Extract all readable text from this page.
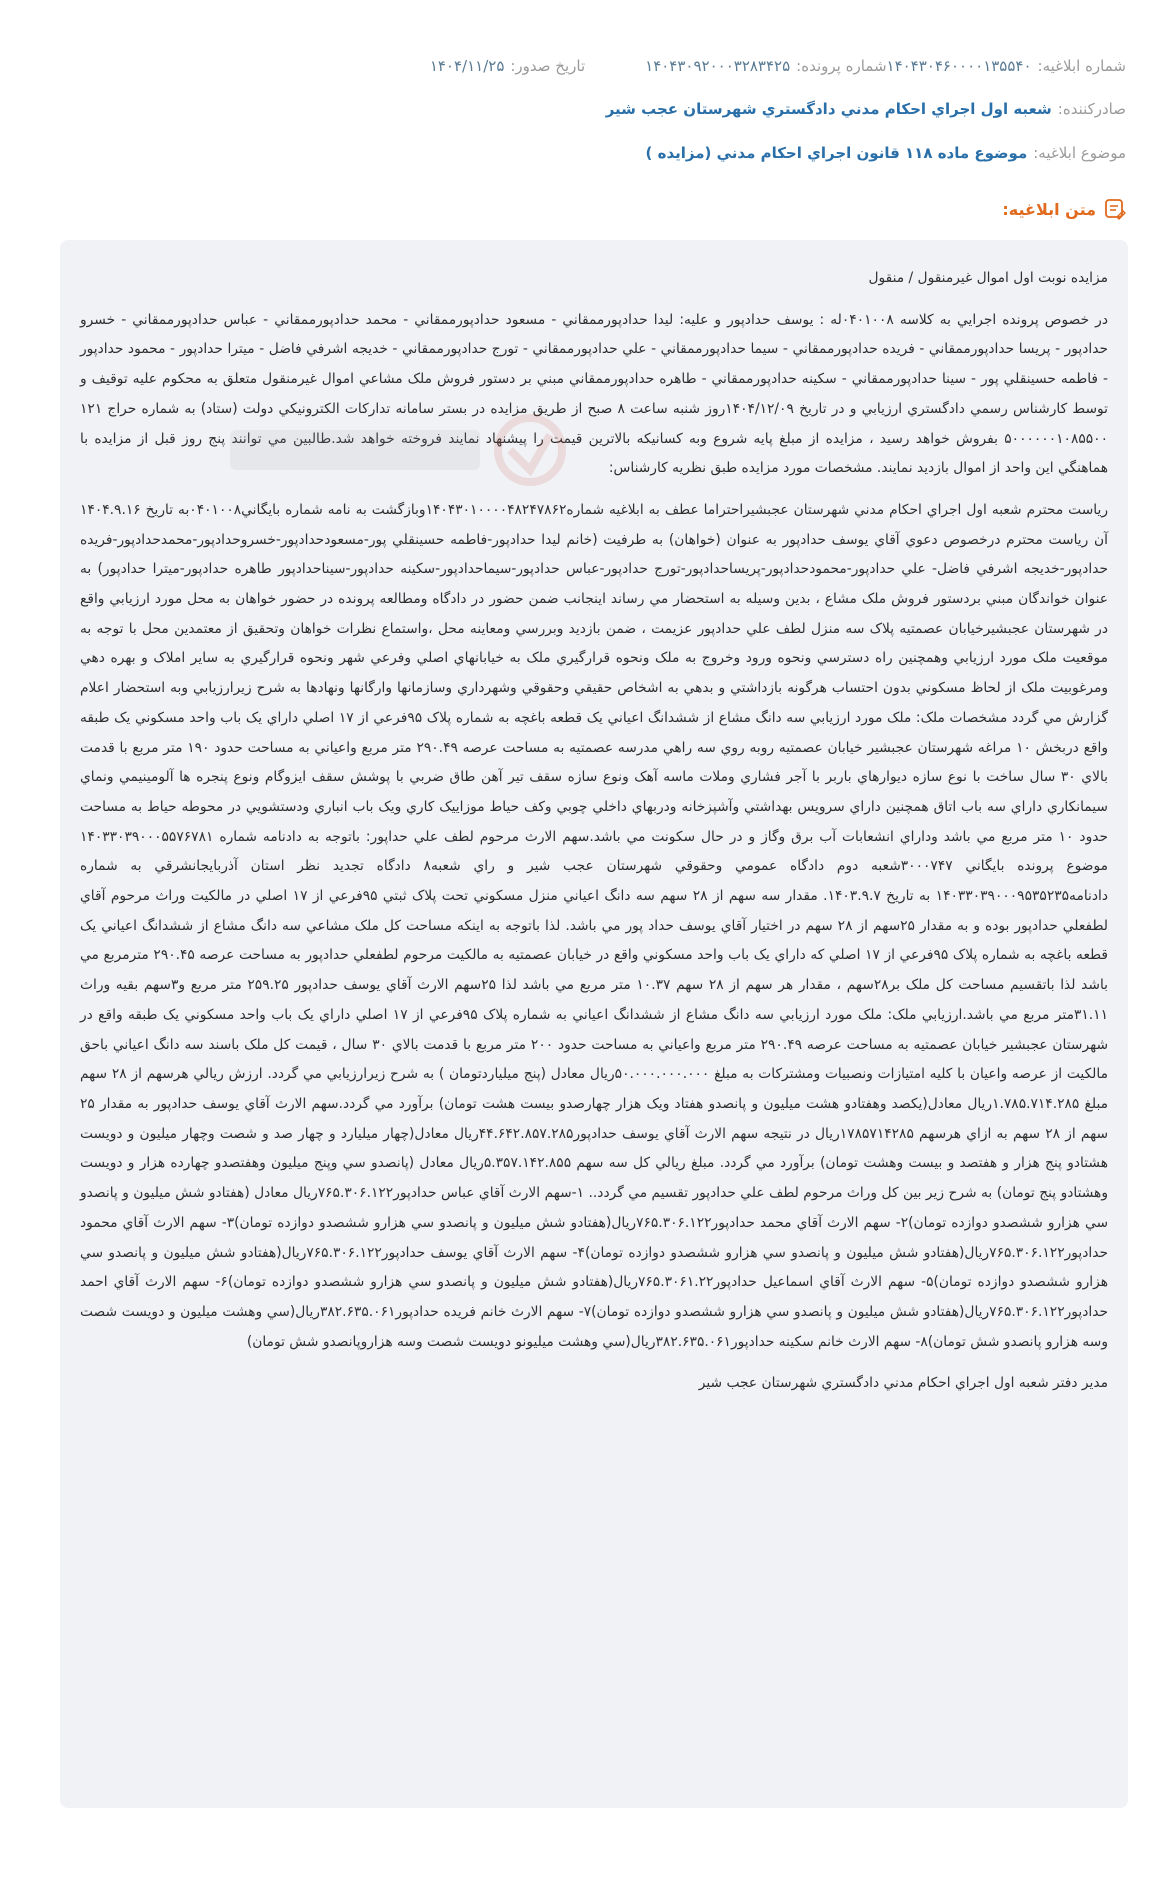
شماره ابلاغيه:
۱۴۰۴۳۰۴۶۰۰۰۰۱۳۵۵۴۰
شماره پرونده:
۱۴۰۴۳۰۹۲۰۰۰۳۲۸۳۴۲۵
تاريخ صدور:
۱۴۰۴/۱۱/۲۵
صادرکننده:
شعبه اول اجراي احکام مدني دادگستري شهرستان عجب شير
موضوع ابلاغيه:
موضوع ماده ۱۱۸ قانون اجراي احکام مدني (مزايده )
متن ابلاغيه:

مزايده نوبت اول اموال غيرمنقول / منقول

در خصوص پرونده اجرايي به کلاسه ۰۴۰۱۰۰۸له : يوسف حدادپور و عليه: ليدا حدادپورممقاني - مسعود حدادپورممقاني - محمد حدادپورممقاني - عباس حدادپورممقاني - خسرو حدادپور - پريسا حدادپورممقاني - فريده حدادپورممقاني - سيما حدادپورممقاني - علي حدادپورممقاني - تورج حدادپورممقاني - خديجه اشرفي فاضل - ميترا حدادپور - محمود حدادپور - فاطمه حسينقلي پور - سينا حدادپورممقاني - سکينه حدادپورممقاني - طاهره حدادپورممقاني مبني بر دستور فروش ملک مشاعي اموال غيرمنقول متعلق به محکوم عليه توقيف و توسط کارشناس رسمي دادگستري ارزيابي و در تاريخ ۱۴۰۴/۱۲/۰۹روز شنبه ساعت ۸ صبح از طريق مزايده در بستر سامانه تدارکات الکترونيکي دولت (ستاد) به شماره حراج ۱۲۱ ۵۰۰۰۰۰۰۱۰۸۵۵۰۰ بفروش خواهد رسيد ، مزايده از مبلغ پايه شروع وبه کسانيکه بالاترين قيمت را پيشنهاد نمايند فروخته خواهد شد.طالبين مي توانند پنج روز قبل از مزايده با هماهنگي اين واحد از اموال بازديد نمايند. مشخصات مورد مزايده طبق نظريه کارشناس:

رياست محترم شعبه اول اجراي احکام مدني شهرستان عجبشيراحتراما عطف به ابلاغيه شماره۱۴۰۴۳۰۱۰۰۰۰۴۸۲۴۷۸۶۲وبازگشت به نامه شماره بايگاني۰۴۰۱۰۰۸به تاريخ ۱۴۰۴.۹.۱۶ آن رياست محترم درخصوص دعوي آقاي يوسف حدادپور به عنوان (خواهان) به طرفيت (خانم ليدا حدادپور-فاطمه حسينقلي پور-مسعودحدادپور-خسروحدادپور-محمدحدادپور-فريده حدادپور-خديجه اشرفي فاضل- علي حدادپور-محمودحدادپور-پريساحدادپور-تورج حدادپور-عباس حدادپور-سيماحدادپور-سکينه حدادپور-سيناحدادپور طاهره حدادپور-ميترا حدادپور) به عنوان خواندگان مبني بردستور فروش ملک مشاع ، بدين وسيله به استحضار مي رساند اينجانب ضمن حضور در دادگاه ومطالعه پرونده در حضور خواهان به محل مورد ارزيابي واقع در شهرستان عجبشيرخيابان عصمتيه پلاک سه منزل لطف علي حدادپور عزيمت ، ضمن بازديد وبررسي ومعاينه محل ،واستماع نظرات خواهان وتحقيق از معتمدين محل با توجه به موقعيت ملک مورد ارزيابي وهمچنين راه دسترسي ونحوه ورود وخروج به ملک ونحوه قرارگيري ملک به خيابانهاي اصلي وفرعي شهر ونحوه قرارگيري به ساير املاک و بهره دهي ومرغوبيت ملک از لحاظ مسکوني بدون احتساب هرگونه بازداشتي و بدهي به اشخاص حقيقي وحقوقي وشهرداري وسازمانها وارگانها ونهادها به شرح زيرارزيابي وبه استحضار اعلام گزارش مي گردد مشخصات ملک: ملک مورد ارزيابي سه دانگ مشاع از ششدانگ اعياني يک قطعه باغچه به شماره پلاک ۹۵فرعي از ۱۷ اصلي داراي يک باب واحد مسکوني يک طبقه واقع دربخش ۱۰ مراغه شهرستان عجبشير خيابان عصمتيه روبه روي سه راهي مدرسه عصمتيه به مساحت عرصه ۲۹۰.۴۹ متر مربع واعياني به مساحت حدود ۱۹۰ متر مربع با قدمت بالاي ۳۰ سال ساخت با نوع سازه ديوارهاي باربر با آجر فشاري وملات ماسه آهک ونوع سازه سقف تير آهن طاق ضربي با پوشش سقف ايزوگام ونوع پنجره ها آلومينيمي ونماي سيمانکاري داراي سه باب اتاق همچنين داراي سرويس بهداشتي وآشپزخانه ودربهاي داخلي چوبي وکف حياط موزاييک کاري ويک باب انباري ودستشويي در محوطه حياط به مساحت حدود ۱۰ متر مربع مي باشد وداراي انشعابات آب برق وگاز و در حال سکونت مي باشد.سهم الارث مرحوم لطف علي حداپور: باتوجه به دادنامه شماره ۱۴۰۳۳۰۳۹۰۰۰۵۵۷۶۷۸۱ موضوع پرونده بايگاني ۳۰۰۰۷۴۷شعبه دوم دادگاه عمومي وحقوقي شهرستان عجب شير و راي شعبه۸ دادگاه تجديد نظر استان آذربايجانشرقي به شماره دادنامه۱۴۰۳۳۰۳۹۰۰۰۹۵۳۵۲۳۵ به تاريخ ۱۴۰۳.۹.۷. مقدار سه سهم از ۲۸ سهم سه دانگ اعياني منزل مسکوني تحت پلاک ثبتي ۹۵فرعي از ۱۷ اصلي در مالکيت وراث مرحوم آقاي لطفعلي حدادپور بوده و به مقدار ۲۵سهم از ۲۸ سهم در اختيار آقاي يوسف حداد پور مي باشد. لذا باتوجه به اينکه مساحت کل ملک مشاعي سه دانگ مشاع از ششدانگ اعياني يک قطعه باغچه به شماره پلاک ۹۵فرعي از ۱۷ اصلي که داراي يک باب واحد مسکوني واقع در خيابان عصمتيه به مالکيت مرحوم لطفعلي حدادپور به مساحت عرصه ۲۹۰.۴۵ مترمربع مي باشد لذا باتقسيم مساحت کل ملک بر۲۸سهم ، مقدار هر سهم از ۲۸ سهم ۱۰.۳۷ متر مربع مي باشد لذا ۲۵سهم الارث آقاي يوسف حدادپور ۲۵۹.۲۵ متر مربع و۳سهم بقيه وراث ۳۱.۱۱متر مربع مي باشد.ارزيابي ملک: ملک مورد ارزيابي سه دانگ مشاع از ششدانگ اعياني به شماره پلاک ۹۵فرعي از ۱۷ اصلي داراي يک باب واحد مسکوني يک طبقه واقع در شهرستان عجبشير خيابان عصمتيه به مساحت عرصه ۲۹۰.۴۹ متر مربع واعياني به مساحت حدود ۲۰۰ متر مربع با قدمت بالاي ۳۰ سال ، قيمت کل ملک باسند سه دانگ اعياني باحق مالکيت از عرصه واعيان با کليه امتيازات ونصبيات ومشترکات به مبلغ ۵۰.۰۰۰.۰۰۰.۰۰۰ريال معادل (پنج ميلياردتومان ) به شرح زيرارزيابي مي گردد. ارزش ريالي هرسهم از ۲۸ سهم مبلغ ۱.۷۸۵.۷۱۴.۲۸۵ريال معادل(يکصد وهفتادو هشت ميليون و پانصدو هفتاد ويک هزار چهارصدو بيست هشت تومان) برآورد مي گردد.سهم الارث آقاي يوسف حدادپور به مقدار ۲۵ سهم از ۲۸ سهم به ازاي هرسهم ۱۷۸۵۷۱۴۲۸۵ريال در نتيجه سهم الارث آقاي يوسف حدادپور۴۴.۶۴۲.۸۵۷.۲۸۵ريال معادل(چهار ميليارد و چهار صد و شصت وچهار ميليون و دويست هشتادو پنج هزار و هفتصد و بيست وهشت تومان) برآورد مي گردد. مبلغ ريالي کل سه سهم ۵.۳۵۷.۱۴۲.۸۵۵ريال معادل (پانصدو سي وپنج ميليون وهفتصدو چهارده هزار و دويست وهشتادو پنج تومان) به شرح زير بين کل وراث مرحوم لطف علي حدادپور تقسيم مي گردد.. ۱-سهم الارث آقاي عباس حدادپور۷۶۵.۳۰۶.۱۲۲ريال معادل (هفتادو شش ميليون و پانصدو سي هزارو ششصدو دوازده تومان)۲- سهم الارث آقاي محمد حدادپور۷۶۵.۳۰۶.۱۲۲ريال(هفتادو شش ميليون و پانصدو سي هزارو ششصدو دوازده تومان)۳- سهم الارث آقاي محمود حدادپور۷۶۵.۳۰۶.۱۲۲ريال(هفتادو شش ميليون و پانصدو سي هزارو ششصدو دوازده تومان)۴- سهم الارث آقاي يوسف حدادپور۷۶۵.۳۰۶.۱۲۲ريال(هفتادو شش ميليون و پانصدو سي هزارو ششصدو دوازده تومان)۵- سهم الارث آقاي اسماعيل حدادپور۷۶۵.۳۰۶۱.۲۲ريال(هفتادو شش ميليون و پانصدو سي هزارو ششصدو دوازده تومان)۶- سهم الارث آقاي احمد حدادپور۷۶۵.۳۰۶.۱۲۲ريال(هفتادو شش ميليون و پانصدو سي هزارو ششصدو دوازده تومان)۷- سهم الارث خانم فريده حدادپور۳۸۲.۶۳۵.۰۶۱ريال(سي وهشت ميليون و دويست شصت وسه هزارو پانصدو شش تومان)۸- سهم الارث خانم سکينه حدادپور۳۸۲.۶۳۵.۰۶۱ريال(سي وهشت ميليونو دويست شصت وسه هزاروپانصدو شش تومان)

مدير دفتر شعبه اول اجراي احکام مدني دادگستري شهرستان عجب شير
